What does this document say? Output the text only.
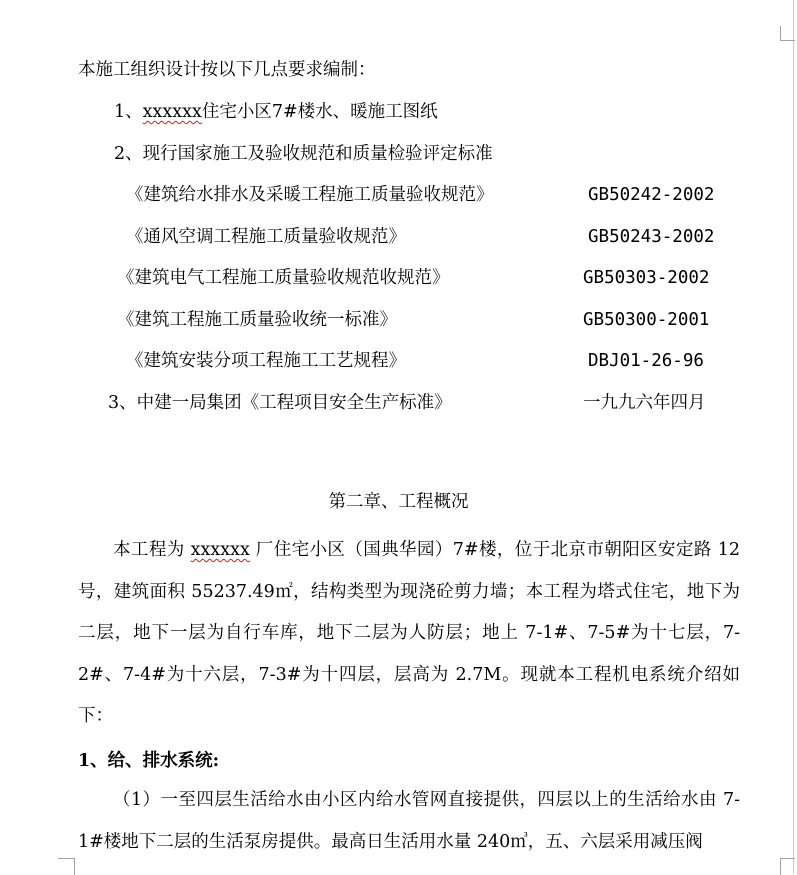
本施工组织设计按以下几点要求编制：
1、xxxxxx住宅小区7#楼水、暖施工图纸
2、现行国家施工及验收规范和质量检验评定标准
《建筑给水排水及采暖工程施工质量验收规范》	GB50242-2002
《通风空调工程施工质量验收规范》	GB50243-2002
《建筑电气工程施工质量验收规范收规范》	GB50303-2002
《建筑工程施工质量验收统一标准》	GB50300-2001
《建筑安装分项工程施工工艺规程》	DBJ01-26-96
3、中建一局集团《工程项目安全生产标准》	一九九六年四月
第二章、工程概况
本工程为 xxxxxx 厂住宅小区（国典华园）7#楼，位于北京市朝阳区安定路 12 号，建筑面积 55237.49㎡，结构类型为现浇砼剪力墙；本工程为塔式住宅，地下为二层，地下一层为自行车库，地下二层为人防层；地上 7-1#、7-5#为十七层，7-2#、7-4#为十六层，7-3#为十四层，层高为 2.7M。现就本工程机电系统介绍如下：
1、给、排水系统:
（1）一至四层生活给水由小区内给水管网直接提供，四层以上的生活给水由 7-1#楼地下二层的生活泵房提供。最高日生活用水量 240㎥，五、六层采用减压阀
